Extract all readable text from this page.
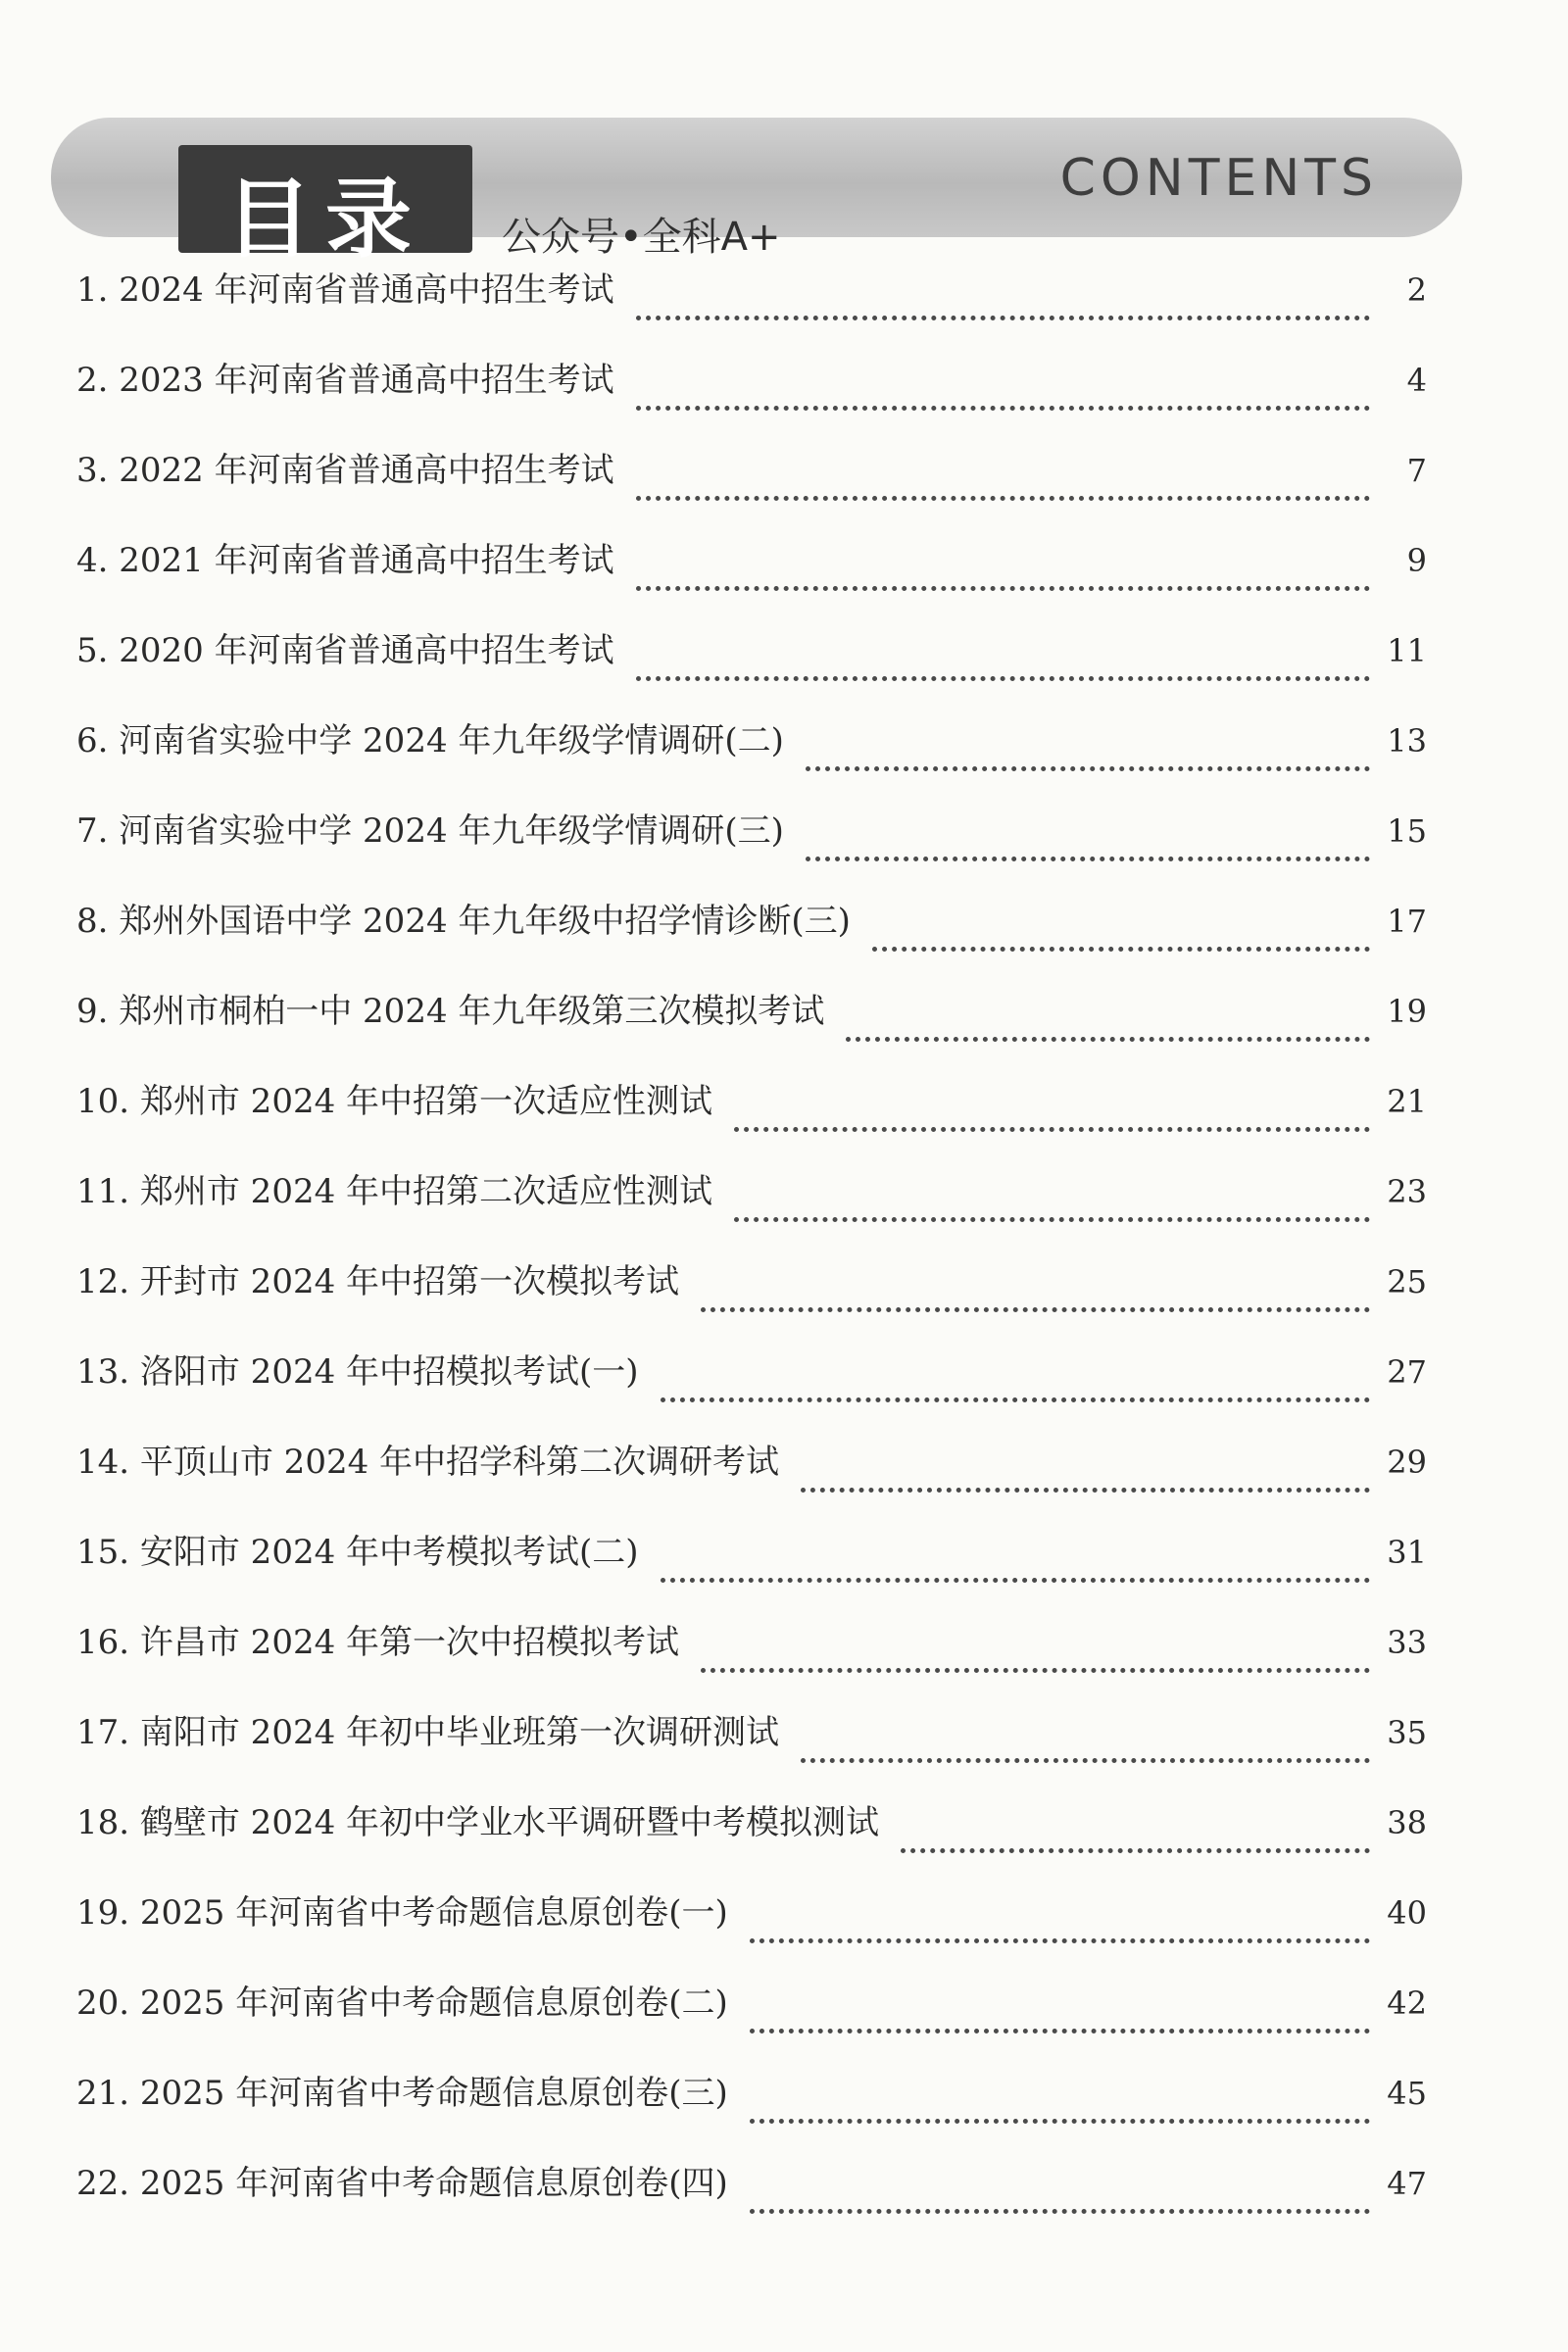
CONTENTS
目录	公众号•全科A+
1. 2024 年河南省普通高中招生考试	2
2. 2023 年河南省普通高中招生考试	4
3. 2022 年河南省普通高中招生考试	7
4. 2021 年河南省普通高中招生考试	9
5. 2020 年河南省普通高中招生考试	11
6. 河南省实验中学 2024 年九年级学情调研(二)	13
7. 河南省实验中学 2024 年九年级学情调研(三)	15
8. 郑州外国语中学 2024 年九年级中招学情诊断(三)	17
9. 郑州市桐柏一中 2024 年九年级第三次模拟考试	19
10. 郑州市 2024 年中招第一次适应性测试	21
11. 郑州市 2024 年中招第二次适应性测试	23
12. 开封市 2024 年中招第一次模拟考试	25
13. 洛阳市 2024 年中招模拟考试(一)	27
14. 平顶山市 2024 年中招学科第二次调研考试	29
15. 安阳市 2024 年中考模拟考试(二)	31
16. 许昌市 2024 年第一次中招模拟考试	33
17. 南阳市 2024 年初中毕业班第一次调研测试	35
18. 鹤壁市 2024 年初中学业水平调研暨中考模拟测试	38
19. 2025 年河南省中考命题信息原创卷(一)	40
20. 2025 年河南省中考命题信息原创卷(二)	42
21. 2025 年河南省中考命题信息原创卷(三)	45
22. 2025 年河南省中考命题信息原创卷(四)	47
